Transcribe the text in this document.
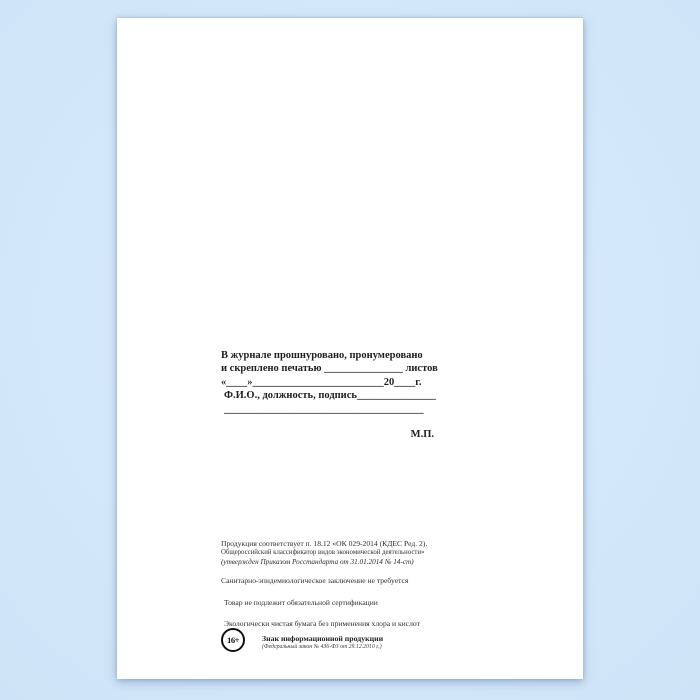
В журнале прошнуровано, пронумеровано
и скреплено печатью _______________ листов
«____»_________________________20____г.
Ф.И.О., должность, подпись_______________
______________________________________
М.П.
Продукция соответствует п. 18.12 «ОК 029-2014 (КДЕС Ред. 2).
Общероссийский классификатор видов экономической деятельности»
(утвержден Приказом Росстандарта от 31.01.2014 № 14-ст)
Санитарно-эпидемиологическое заключение не требуется
Товар не подлежит обязательной сертификации
Экологически чистая бумага без применения хлора и кислот
16+	Знак информационной продукции
(Федеральный закон № 436-ФЗ от 29.12.2010 г.)
